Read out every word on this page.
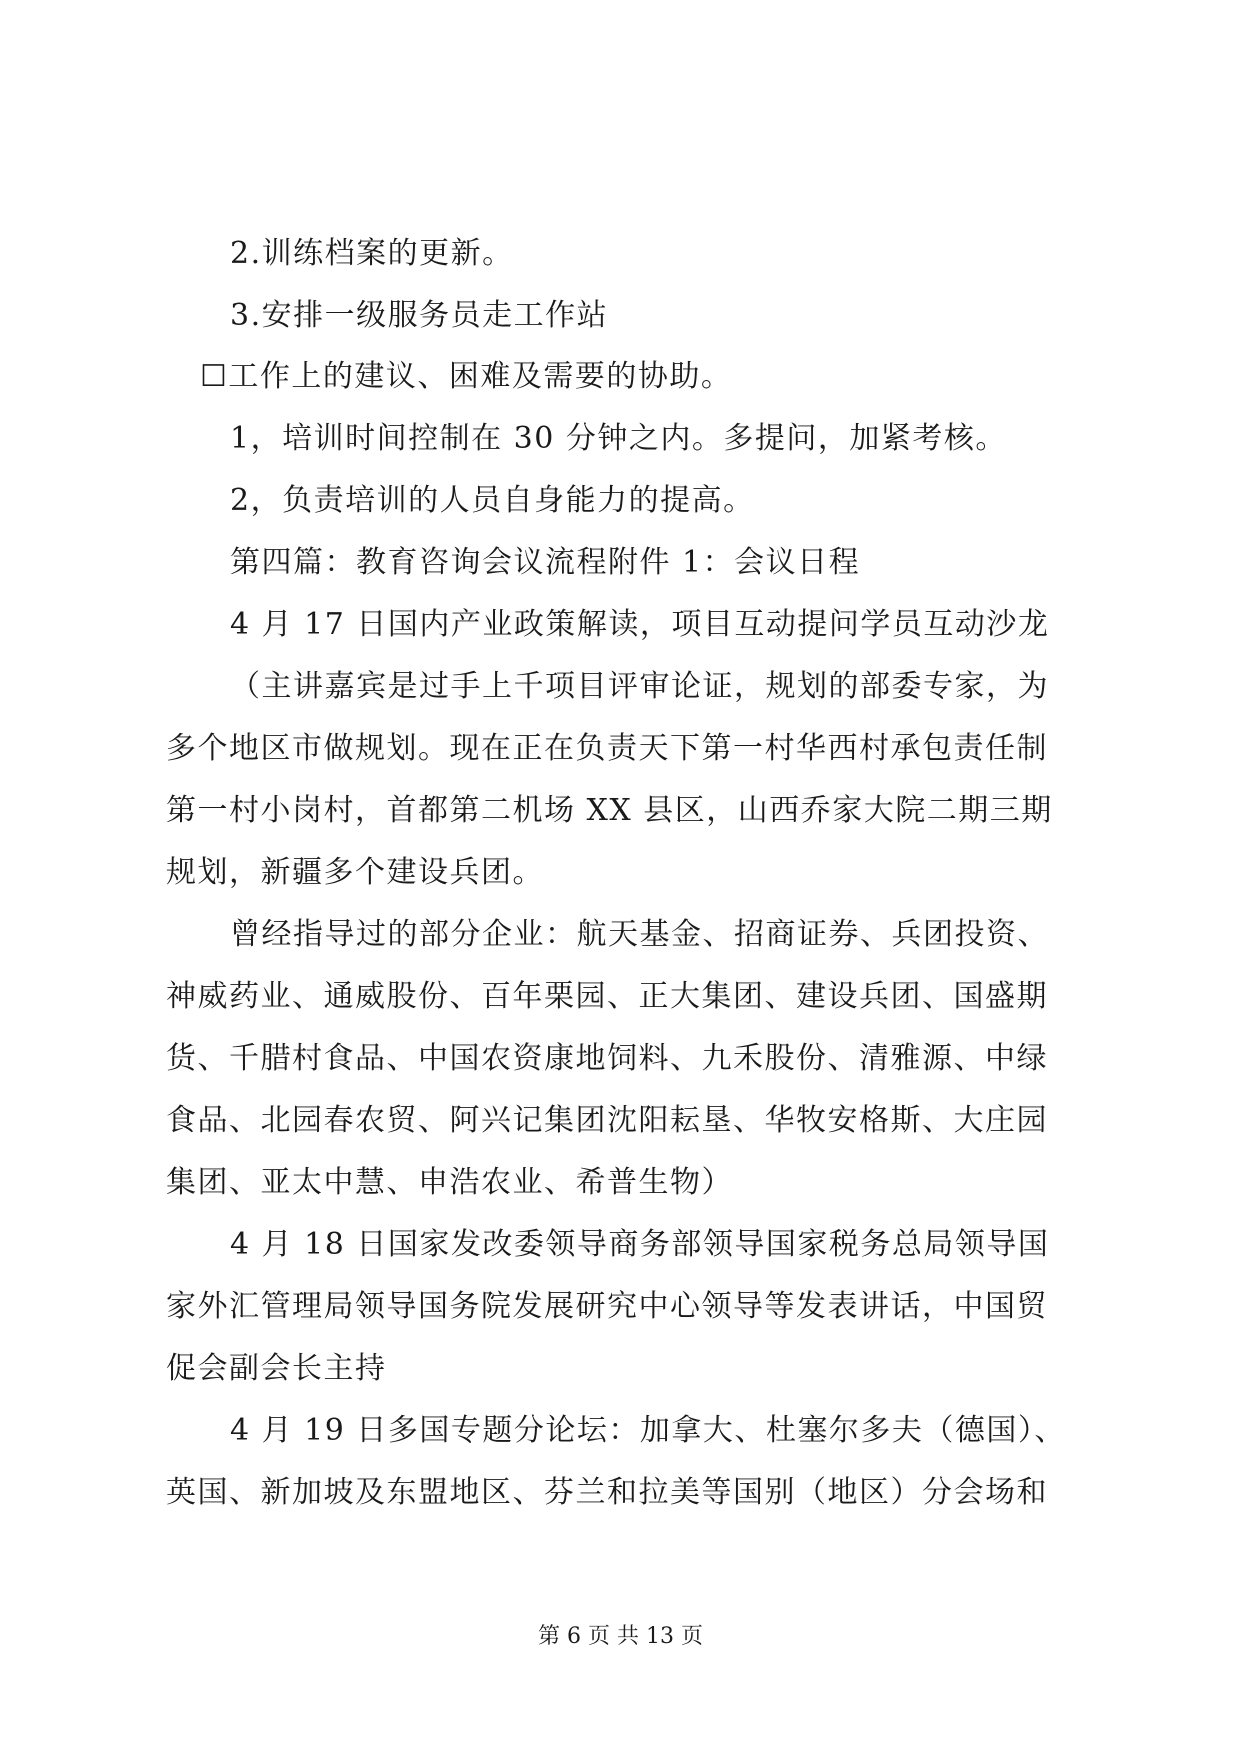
2.训练档案的更新。
3.安排一级服务员走工作站
☐工作上的建议、困难及需要的协助。
1，培训时间控制在 30 分钟之内。多提问，加紧考核。
2，负责培训的人员自身能力的提高。
第四篇：教育咨询会议流程附件 1：会议日程
4 月 17 日国内产业政策解读，项目互动提问学员互动沙龙
（主讲嘉宾是过手上千项目评审论证，规划的部委专家，为
多个地区市做规划。现在正在负责天下第一村华西村承包责任制
第一村小岗村，首都第二机场 XX 县区，山西乔家大院二期三期
规划，新疆多个建设兵团。
曾经指导过的部分企业：航天基金、招商证券、兵团投资、
神威药业、通威股份、百年栗园、正大集团、建设兵团、国盛期
货、千腊村食品、中国农资康地饲料、九禾股份、清雅源、中绿
食品、北园春农贸、阿兴记集团沈阳耘垦、华牧安格斯、大庄园
集团、亚太中慧、申浩农业、希普生物）
4 月 18 日国家发改委领导商务部领导国家税务总局领导国
家外汇管理局领导国务院发展研究中心领导等发表讲话，中国贸
促会副会长主持
4 月 19 日多国专题分论坛：加拿大、杜塞尔多夫（德国）、
英国、新加坡及东盟地区、芬兰和拉美等国别（地区）分会场和
第 6 页 共 13 页
